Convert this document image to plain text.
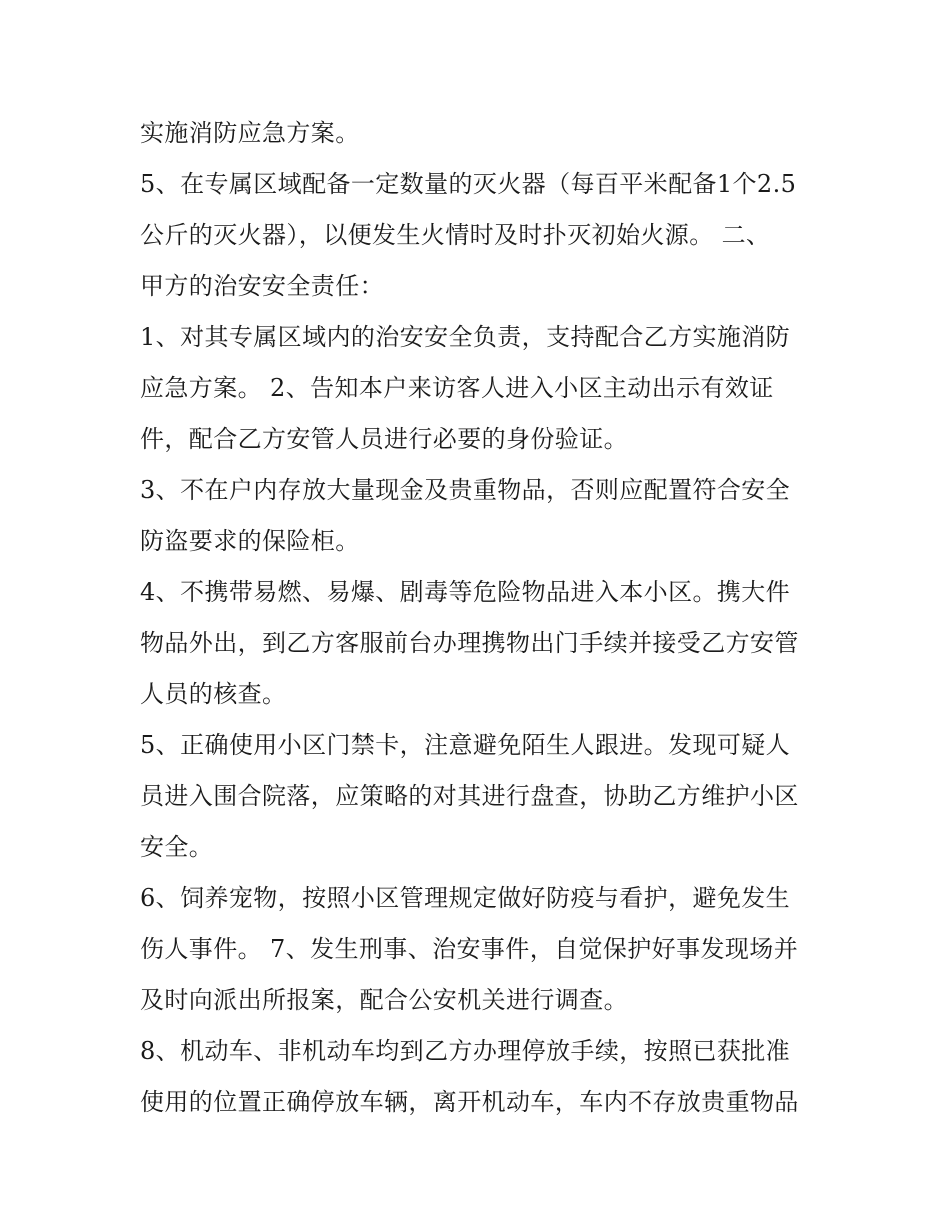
实施消防应急方案。
5、在专属区域配备一定数量的灭火器（每百平米配备1个2.5
公斤的灭火器），以便发生火情时及时扑灭初始火源。 二、
甲方的治安安全责任：
1、对其专属区域内的治安安全负责，支持配合乙方实施消防
应急方案。 2、告知本户来访客人进入小区主动出示有效证
件，配合乙方安管人员进行必要的身份验证。
3、不在户内存放大量现金及贵重物品，否则应配置符合安全
防盗要求的保险柜。
4、不携带易燃、易爆、剧毒等危险物品进入本小区。携大件
物品外出，到乙方客服前台办理携物出门手续并接受乙方安管
人员的核查。
5、正确使用小区门禁卡，注意避免陌生人跟进。发现可疑人
员进入围合院落，应策略的对其进行盘查，协助乙方维护小区
安全。
6、饲养宠物，按照小区管理规定做好防疫与看护，避免发生
伤人事件。 7、发生刑事、治安事件，自觉保护好事发现场并
及时向派出所报案，配合公安机关进行调查。
8、机动车、非机动车均到乙方办理停放手续，按照已获批准
使用的位置正确停放车辆，离开机动车，车内不存放贵重物品
